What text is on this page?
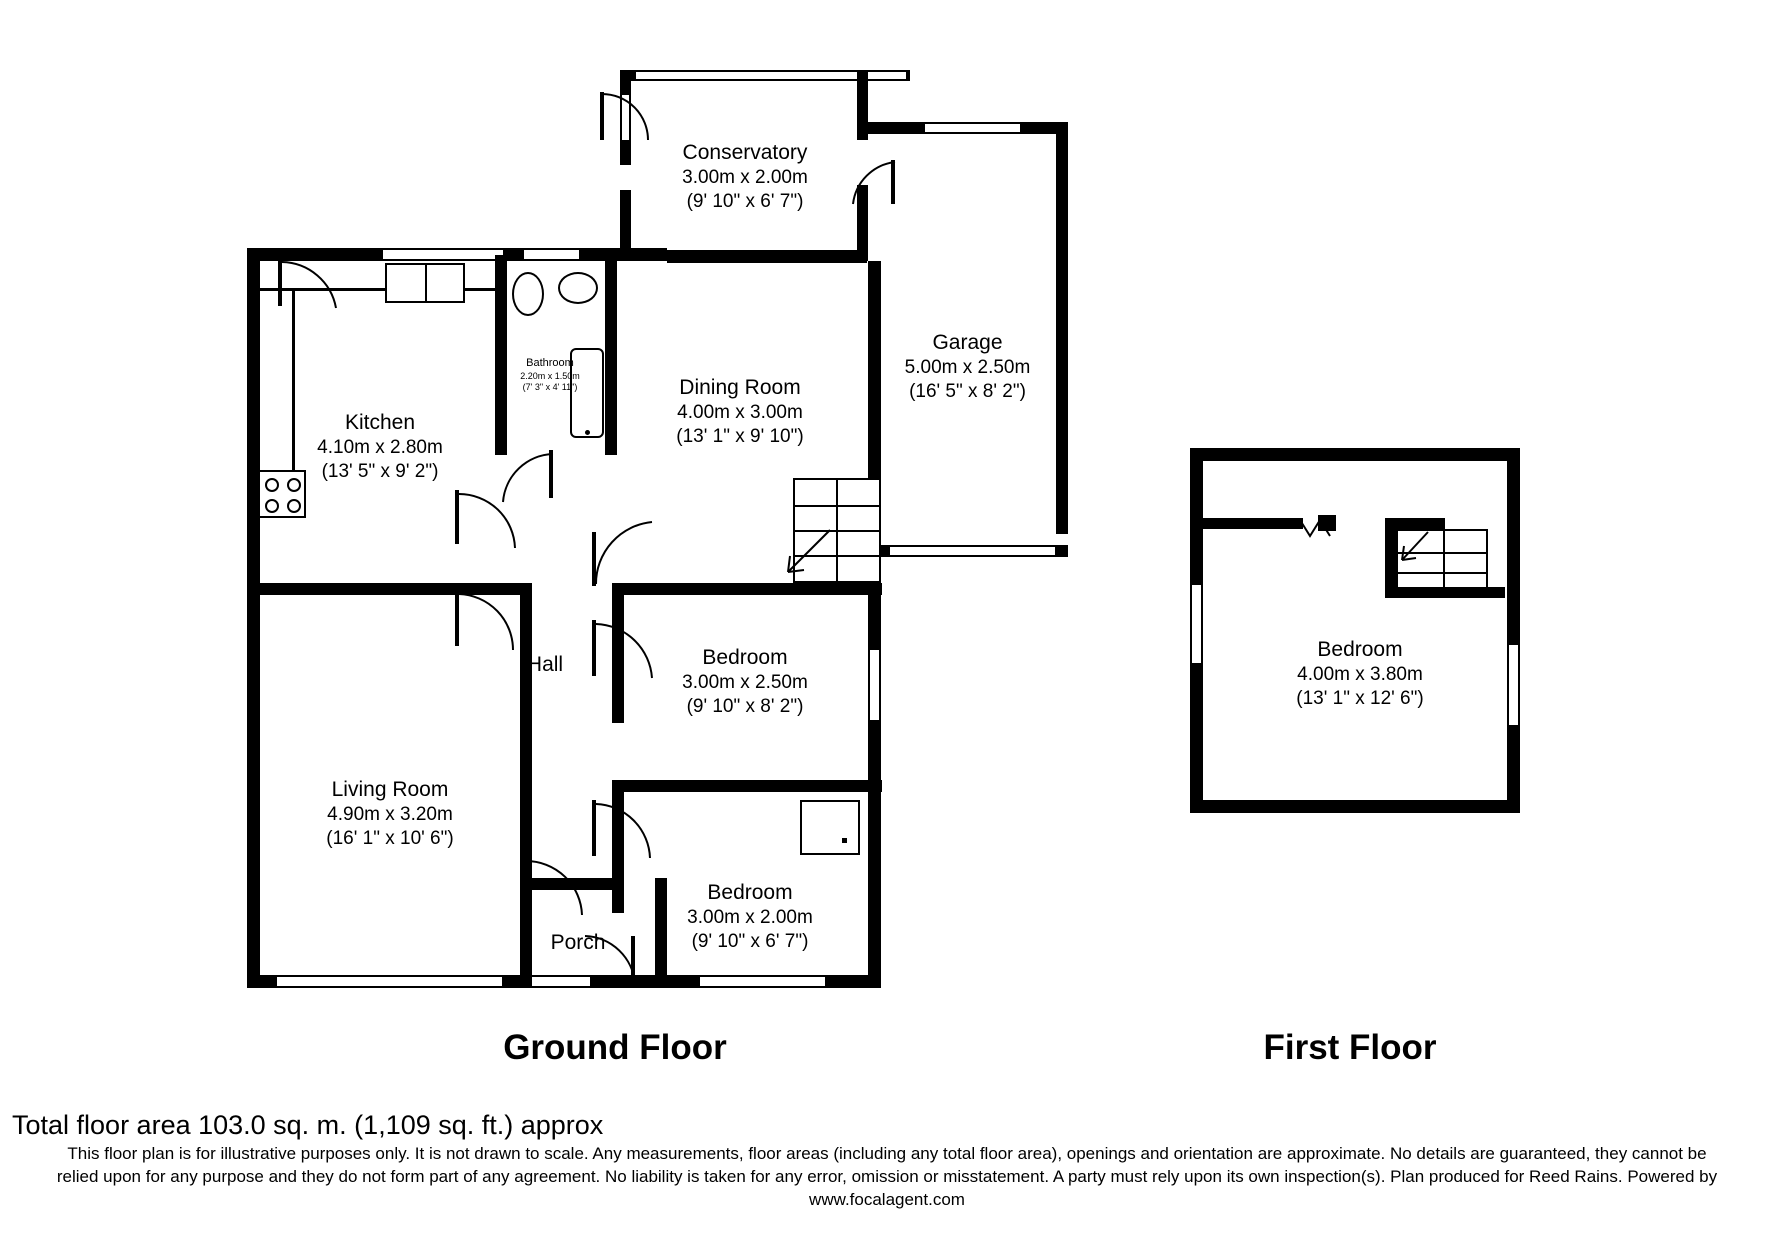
Conservatory
3.00m x 2.00m
(9' 10" x 6' 7")
Garage
5.00m x 2.50m
(16' 5" x 8' 2")
Kitchen
4.10m x 2.80m
(13' 5" x 9' 2")
Bathroom
2.20m x 1.50m
(7' 3" x 4' 11")	Dining Room
4.00m x 3.00m
(13' 1" x 9' 10")
Hall	Bedroom
3.00m x 2.50m
(9' 10" x 8' 2")
Living Room
4.90m x 3.20m
(16' 1" x 10' 6")
Bedroom
3.00m x 2.00m
(9' 10" x 6' 7")
Porch
Bedroom
4.00m x 3.80m
(13' 1" x 12' 6")
Ground Floor	First Floor
Total floor area 103.0 sq. m. (1,109 sq. ft.) approx
This floor plan is for illustrative purposes only. It is not drawn to scale. Any measurements, floor areas (including any total floor area), openings and orientation are approximate. No details are guaranteed, they cannot be relied upon for any purpose and they do not form part of any agreement. No liability is taken for any error, omission or misstatement. A party must rely upon its own inspection(s). Plan produced for Reed Rains. Powered by www.focalagent.com
